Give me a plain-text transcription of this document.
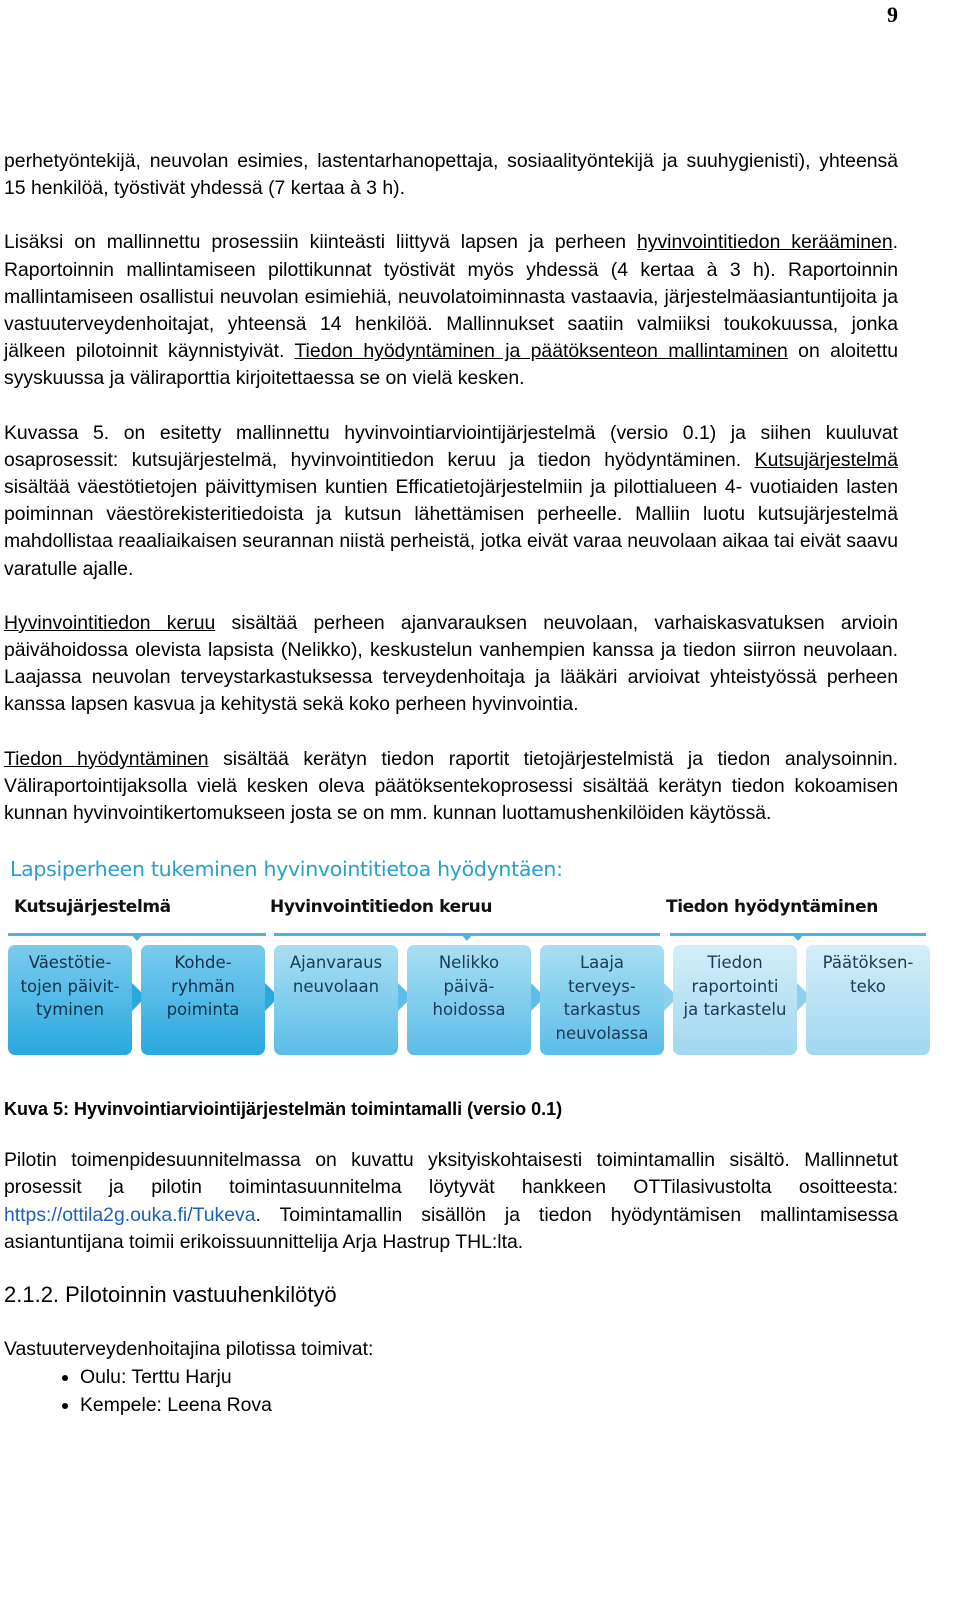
9

perhetyöntekijä, neuvolan esimies, lastentarhanopettaja, sosiaalityöntekijä ja suuhygienisti), yhteensä 15 henkilöä, työstivät yhdessä (7 kertaa à 3 h).

Lisäksi on mallinnettu prosessiin kiinteästi liittyvä lapsen ja perheen hyvinvointitiedon kerääminen. Raportoinnin mallintamiseen pilottikunnat työstivät myös yhdessä (4 kertaa à 3 h). Raportoinnin mallintamiseen osallistui neuvolan esimiehiä, neuvolatoiminnasta vastaavia, järjestelmäasiantuntijoita ja vastuuterveydenhoitajat, yhteensä 14 henkilöä. Mallinnukset saatiin valmiiksi toukokuussa, jonka jälkeen pilotoinnit käynnistyivät. Tiedon hyödyntäminen ja päätöksenteon mallintaminen on aloitettu syyskuussa ja väliraporttia kirjoitettaessa se on vielä kesken.

Kuvassa 5. on esitetty mallinnettu hyvinvointiarviointijärjestelmä (versio 0.1) ja siihen kuuluvat osaprosessit: kutsujärjestelmä, hyvinvointitiedon keruu ja tiedon hyödyntäminen. Kutsujärjestelmä sisältää väestötietojen päivittymisen kuntien Efficatietojärjestelmiin ja pilottialueen 4- vuotiaiden lasten poiminnan väestörekisteritiedoista ja kutsun lähettämisen perheelle. Malliin luotu kutsujärjestelmä mahdollistaa reaaliaikaisen seurannan niistä perheistä, jotka eivät varaa neuvolaan aikaa tai eivät saavu varatulle ajalle.

Hyvinvointitiedon keruu sisältää perheen ajanvarauksen neuvolaan, varhaiskasvatuksen arvioin päivähoidossa olevista lapsista (Nelikko), keskustelun vanhempien kanssa ja tiedon siirron neuvolaan. Laajassa neuvolan terveystarkastuksessa terveydenhoitaja ja lääkäri arvioivat yhteistyössä perheen kanssa lapsen kasvua ja kehitystä sekä koko perheen hyvinvointia.

Tiedon hyödyntäminen sisältää kerätyn tiedon raportit tietojärjestelmistä ja tiedon analysoinnin. Väliraportointijaksolla vielä kesken oleva päätöksentekoprosessi sisältää kerätyn tiedon kokoamisen kunnan hyvinvointikertomukseen josta se on mm. kunnan luottamushenkilöiden käytössä.

Lapsiperheen tukeminen hyvinvointitietoa hyödyntäen:
Kutsujärjestelmä	Hyvinvointitiedon keruu	Tiedon hyödyntäminen
Väestötie-
tojen päivit-
tyminen
Kohde-
ryhmän
poiminta
Ajanvaraus
neuvolaan
Nelikko
päivä-
hoidossa
Laaja
terveys-
tarkastus
neuvolassa
Tiedon
raportointi
ja tarkastelu
Päätöksen-
teko

Kuva 5: Hyvinvointiarviointijärjestelmän toimintamalli (versio 0.1)

Pilotin toimenpidesuunnitelmassa on kuvattu yksityiskohtaisesti toimintamallin sisältö. Mallinnetut prosessit ja pilotin toimintasuunnitelma löytyvät hankkeen OTTilasivustolta osoitteesta: https://ottila2g.ouka.fi/Tukeva. Toimintamallin sisällön ja tiedon hyödyntämisen mallintamisessa asiantuntijana toimii erikoissuunnittelija Arja Hastrup THL:lta.

2.1.2. Pilotoinnin vastuuhenkilötyö

Vastuuterveydenhoitajina pilotissa toimivat:

• Oulu: Terttu Harju
• Kempele: Leena Rova
